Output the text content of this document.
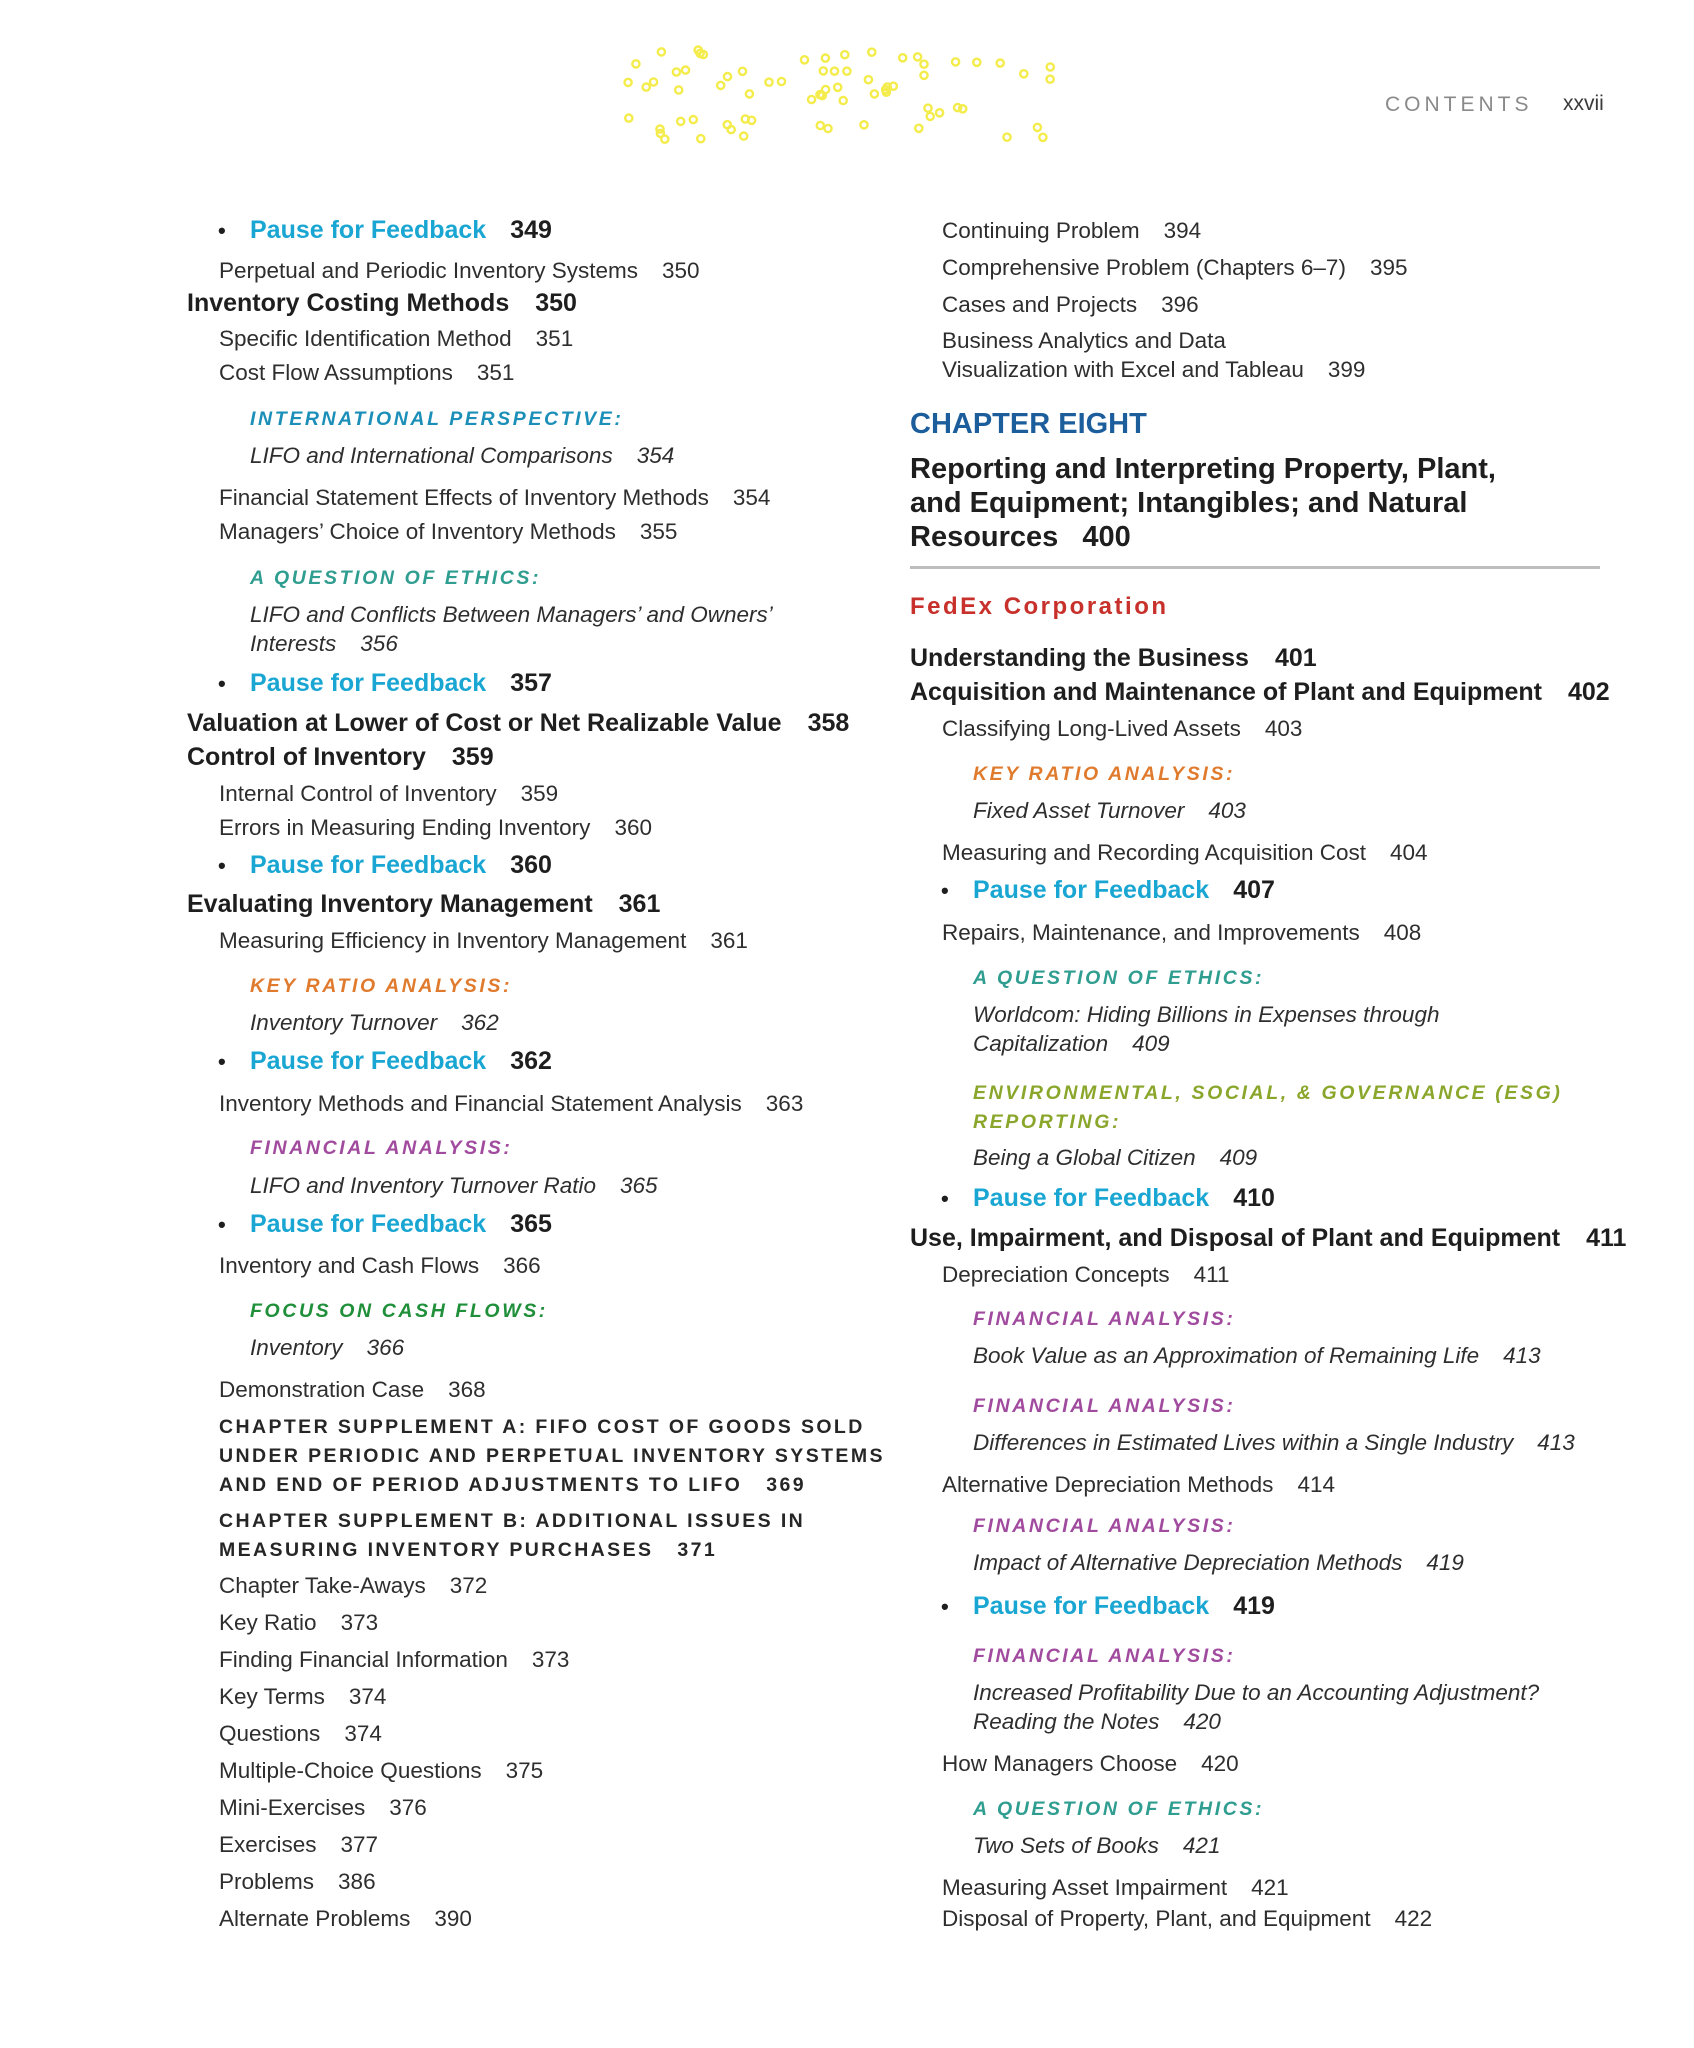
CONTENTS xxvii
• Pause for Feedback 349
Perpetual and Periodic Inventory Systems 350
Inventory Costing Methods 350
Specific Identification Method 351
Cost Flow Assumptions 351
INTERNATIONAL PERSPECTIVE:
LIFO and International Comparisons 354
Financial Statement Effects of Inventory Methods 354
Managers’ Choice of Inventory Methods 355
A QUESTION OF ETHICS:
LIFO and Conflicts Between Managers’ and Owners’
Interests 356
• Pause for Feedback 357
Valuation at Lower of Cost or Net Realizable Value 358
Control of Inventory 359
Internal Control of Inventory 359
Errors in Measuring Ending Inventory 360
• Pause for Feedback 360
Evaluating Inventory Management 361
Measuring Efficiency in Inventory Management 361
KEY RATIO ANALYSIS:
Inventory Turnover 362
• Pause for Feedback 362
Inventory Methods and Financial Statement Analysis 363
FINANCIAL ANALYSIS:
LIFO and Inventory Turnover Ratio 365
• Pause for Feedback 365
Inventory and Cash Flows 366
FOCUS ON CASH FLOWS:
Inventory 366
Demonstration Case 368
CHAPTER SUPPLEMENT A: FIFO COST OF GOODS SOLD
UNDER PERIODIC AND PERPETUAL INVENTORY SYSTEMS
AND END OF PERIOD ADJUSTMENTS TO LIFO 369
CHAPTER SUPPLEMENT B: ADDITIONAL ISSUES IN
MEASURING INVENTORY PURCHASES 371
Chapter Take-Aways 372
Key Ratio 373
Finding Financial Information 373
Key Terms 374
Questions 374
Multiple-Choice Questions 375
Mini-Exercises 376
Exercises 377
Problems 386
Alternate Problems 390
Continuing Problem 394
Comprehensive Problem (Chapters 6–7) 395
Cases and Projects 396
Business Analytics and Data
Visualization with Excel and Tableau 399
CHAPTER EIGHT
Reporting and Interpreting Property, Plant,
and Equipment; Intangibles; and Natural
Resources 400
FedEx Corporation
Understanding the Business 401
Acquisition and Maintenance of Plant and Equipment 402
Classifying Long-Lived Assets 403
KEY RATIO ANALYSIS:
Fixed Asset Turnover 403
Measuring and Recording Acquisition Cost 404
• Pause for Feedback 407
Repairs, Maintenance, and Improvements 408
A QUESTION OF ETHICS:
Worldcom: Hiding Billions in Expenses through
Capitalization 409
ENVIRONMENTAL, SOCIAL, & GOVERNANCE (ESG)
REPORTING:
Being a Global Citizen 409
• Pause for Feedback 410
Use, Impairment, and Disposal of Plant and Equipment 411
Depreciation Concepts 411
FINANCIAL ANALYSIS:
Book Value as an Approximation of Remaining Life 413
FINANCIAL ANALYSIS:
Differences in Estimated Lives within a Single Industry 413
Alternative Depreciation Methods 414
FINANCIAL ANALYSIS:
Impact of Alternative Depreciation Methods 419
• Pause for Feedback 419
FINANCIAL ANALYSIS:
Increased Profitability Due to an Accounting Adjustment?
Reading the Notes 420
How Managers Choose 420
A QUESTION OF ETHICS:
Two Sets of Books 421
Measuring Asset Impairment 421
Disposal of Property, Plant, and Equipment 422
